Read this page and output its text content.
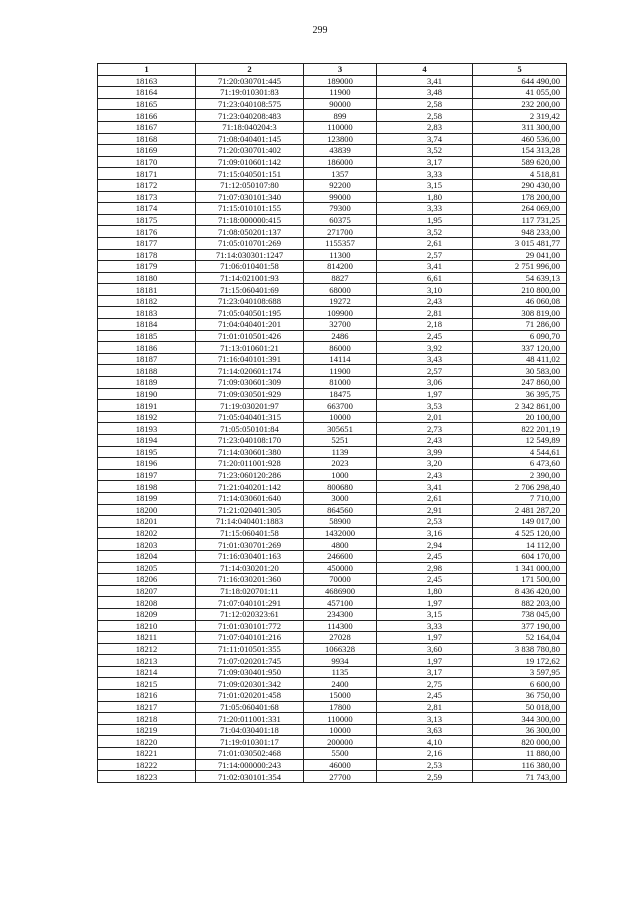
299
1	2	3	4	5
18163	71:20:030701:445	189000	3,41	644 490,00
18164	71:19:010301:83	11900	3,48	41 055,00
18165	71:23:040108:575	90000	2,58	232 200,00
18166	71:23:040208:483	899	2,58	2 319,42
18167	71:18:040204:3	110000	2,83	311 300,00
18168	71:08:040401:145	123800	3,74	460 536,00
18169	71:20:030701:402	43839	3,52	154 313,28
18170	71:09:010601:142	186000	3,17	589 620,00
18171	71:15:040501:151	1357	3,33	4 518,81
18172	71:12:050107:80	92200	3,15	290 430,00
18173	71:07:030101:340	99000	1,80	178 200,00
18174	71:15:010101:155	79300	3,33	264 069,00
18175	71:18:000000:415	60375	1,95	117 731,25
18176	71:08:050201:137	271700	3,52	948 233,00
18177	71:05:010701:269	1155357	2,61	3 015 481,77
18178	71:14:030301:1247	11300	2,57	29 041,00
18179	71:06:010401:58	814200	3,41	2 751 996,00
18180	71:14:021001:93	8827	6,61	54 639,13
18181	71:15:060401:69	68000	3,10	210 800,00
18182	71:23:040108:688	19272	2,43	46 060,08
18183	71:05:040501:195	109900	2,81	308 819,00
18184	71:04:040401:201	32700	2,18	71 286,00
18185	71:01:010501:426	2486	2,45	6 090,70
18186	71:13:010601:21	86000	3,92	337 120,00
18187	71:16:040101:391	14114	3,43	48 411,02
18188	71:14:020601:174	11900	2,57	30 583,00
18189	71:09:030601:309	81000	3,06	247 860,00
18190	71:09:030501:929	18475	1,97	36 395,75
18191	71:19:030201:97	663700	3,53	2 342 861,00
18192	71:05:040401:315	10000	2,01	20 100,00
18193	71:05:050101:84	305651	2,73	822 201,19
18194	71:23:040108:170	5251	2,43	12 549,89
18195	71:14:030601:380	1139	3,99	4 544,61
18196	71:20:011001:928	2023	3,20	6 473,60
18197	71:23:060120:286	1000	2,43	2 390,00
18198	71:21:040201:142	800680	3,41	2 706 298,40
18199	71:14:030601:640	3000	2,61	7 710,00
18200	71:21:020401:305	864560	2,91	2 481 287,20
18201	71:14:040401:1883	58900	2,53	149 017,00
18202	71:15:060401:58	1432000	3,16	4 525 120,00
18203	71:01:030701:269	4800	2,94	14 112,00
18204	71:16:030401:163	246600	2,45	604 170,00
18205	71:14:030201:20	450000	2,98	1 341 000,00
18206	71:16:030201:360	70000	2,45	171 500,00
18207	71:18:020701:11	4686900	1,80	8 436 420,00
18208	71:07:040101:291	457100	1,97	882 203,00
18209	71:12:020323:61	234300	3,15	738 045,00
18210	71:01:030101:772	114300	3,33	377 190,00
18211	71:07:040101:216	27028	1,97	52 164,04
18212	71:11:010501:355	1066328	3,60	3 838 780,80
18213	71:07:020201:745	9934	1,97	19 172,62
18214	71:09:030401:950	1135	3,17	3 597,95
18215	71:09:020301:342	2400	2,75	6 600,00
18216	71:01:020201:458	15000	2,45	36 750,00
18217	71:05:060401:68	17800	2,81	50 018,00
18218	71:20:011001:331	110000	3,13	344 300,00
18219	71:04:030401:18	10000	3,63	36 300,00
18220	71:19:010301:17	200000	4,10	820 000,00
18221	71:01:030502:468	5500	2,16	11 880,00
18222	71:14:000000:243	46000	2,53	116 380,00
18223	71:02:030101:354	27700	2,59	71 743,00
